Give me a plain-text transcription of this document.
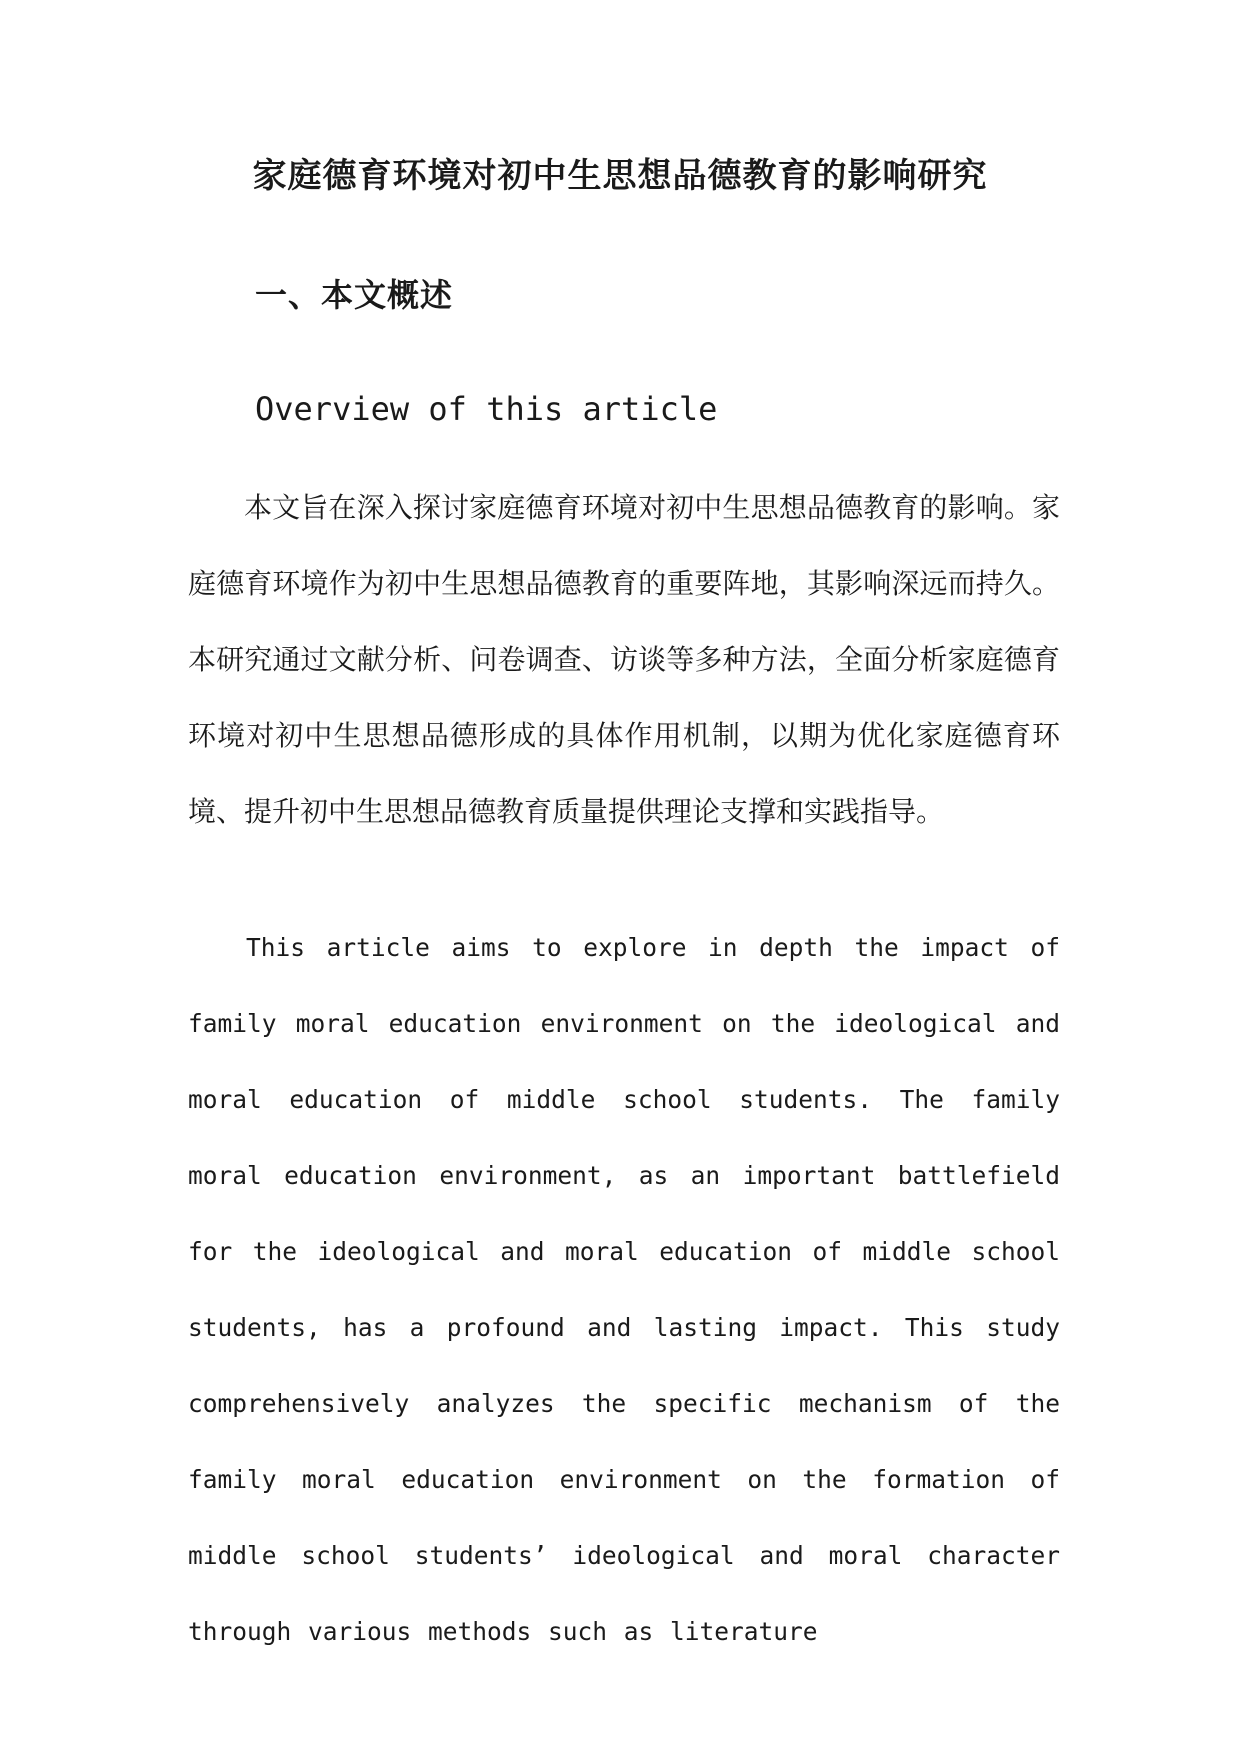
家庭德育环境对初中生思想品德教育的影响研究
一、本文概述
Overview of this article

本文旨在深入探讨家庭德育环境对初中生思想品德教育的影响。家庭德育环境作为初中生思想品德教育的重要阵地，其影响深远而持久。本研究通过文献分析、问卷调查、访谈等多种方法，全面分析家庭德育环境对初中生思想品德形成的具体作用机制，以期为优化家庭德育环境、提升初中生思想品德教育质量提供理论支撑和实践指导。

This article aims to explore in depth the impact of family moral education environment on the ideological and moral education of middle school students. The family moral education environment, as an important battlefield for the ideological and moral education of middle school students, has a profound and lasting impact. This study comprehensively analyzes the specific mechanism of the family moral education environment on the formation of middle school students’ ideological and moral character through various methods such as literature
